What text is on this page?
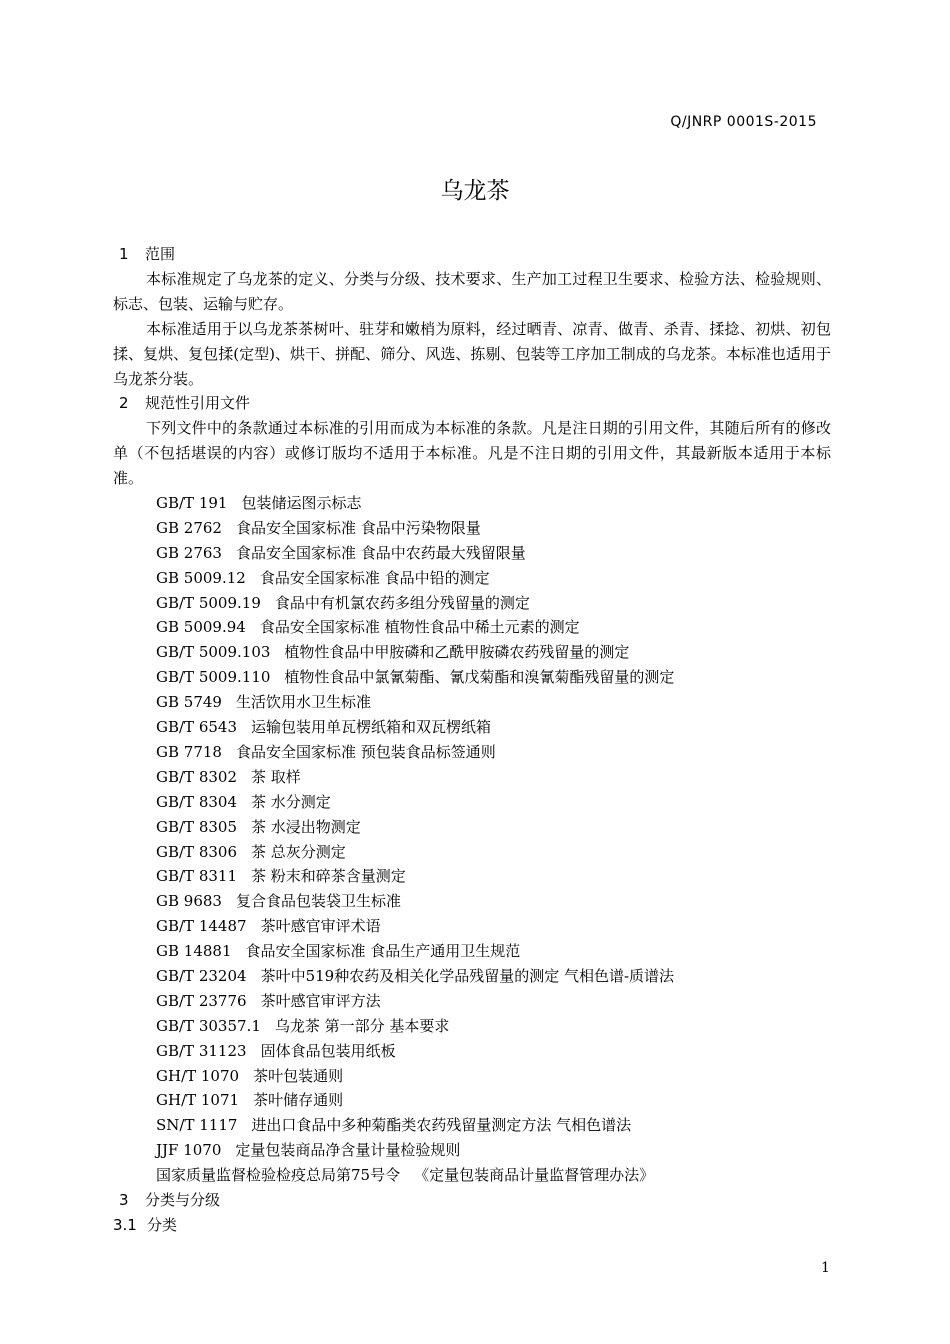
Q/JNRP 0001S-2015
乌龙茶
1 范围

本标准规定了乌龙茶的定义、分类与分级、技术要求、生产加工过程卫生要求、检验方法、检验规则、标志、包装、运输与贮存。

本标准适用于以乌龙茶茶树叶、驻芽和嫩梢为原料，经过晒青、凉青、做青、杀青、揉捻、初烘、初包揉、复烘、复包揉(定型)、烘干、拼配、筛分、风选、拣剔、包装等工序加工制成的乌龙茶。本标准也适用于乌龙茶分装。

2 规范性引用文件

下列文件中的条款通过本标准的引用而成为本标准的条款。凡是注日期的引用文件，其随后所有的修改单（不包括堪误的内容）或修订版均不适用于本标准。凡是不注日期的引用文件，其最新版本适用于本标准。

GB/T 191 包装储运图示标志
GB 2762 食品安全国家标准 食品中污染物限量
GB 2763 食品安全国家标准 食品中农药最大残留限量
GB 5009.12 食品安全国家标准 食品中铅的测定
GB/T 5009.19 食品中有机氯农药多组分残留量的测定
GB 5009.94 食品安全国家标准 植物性食品中稀土元素的测定
GB/T 5009.103 植物性食品中甲胺磷和乙酰甲胺磷农药残留量的测定
GB/T 5009.110 植物性食品中氯氰菊酯、氰戊菊酯和溴氰菊酯残留量的测定
GB 5749 生活饮用水卫生标准
GB/T 6543 运输包装用单瓦楞纸箱和双瓦楞纸箱
GB 7718 食品安全国家标准 预包装食品标签通则
GB/T 8302 茶 取样
GB/T 8304 茶 水分测定
GB/T 8305 茶 水浸出物测定
GB/T 8306 茶 总灰分测定
GB/T 8311 茶 粉末和碎茶含量测定
GB 9683 复合食品包装袋卫生标准
GB/T 14487 茶叶感官审评术语
GB 14881 食品安全国家标准 食品生产通用卫生规范
GB/T 23204 茶叶中519种农药及相关化学品残留量的测定 气相色谱-质谱法
GB/T 23776 茶叶感官审评方法
GB/T 30357.1 乌龙茶 第一部分 基本要求
GB/T 31123 固体食品包装用纸板
GH/T 1070 茶叶包装通则
GH/T 1071 茶叶储存通则
SN/T 1117 进出口食品中多种菊酯类农药残留量测定方法 气相色谱法
JJF 1070 定量包装商品净含量计量检验规则
国家质量监督检验检疫总局第75号令 《定量包装商品计量监督管理办法》
3 分类与分级
3.1 分类
1
